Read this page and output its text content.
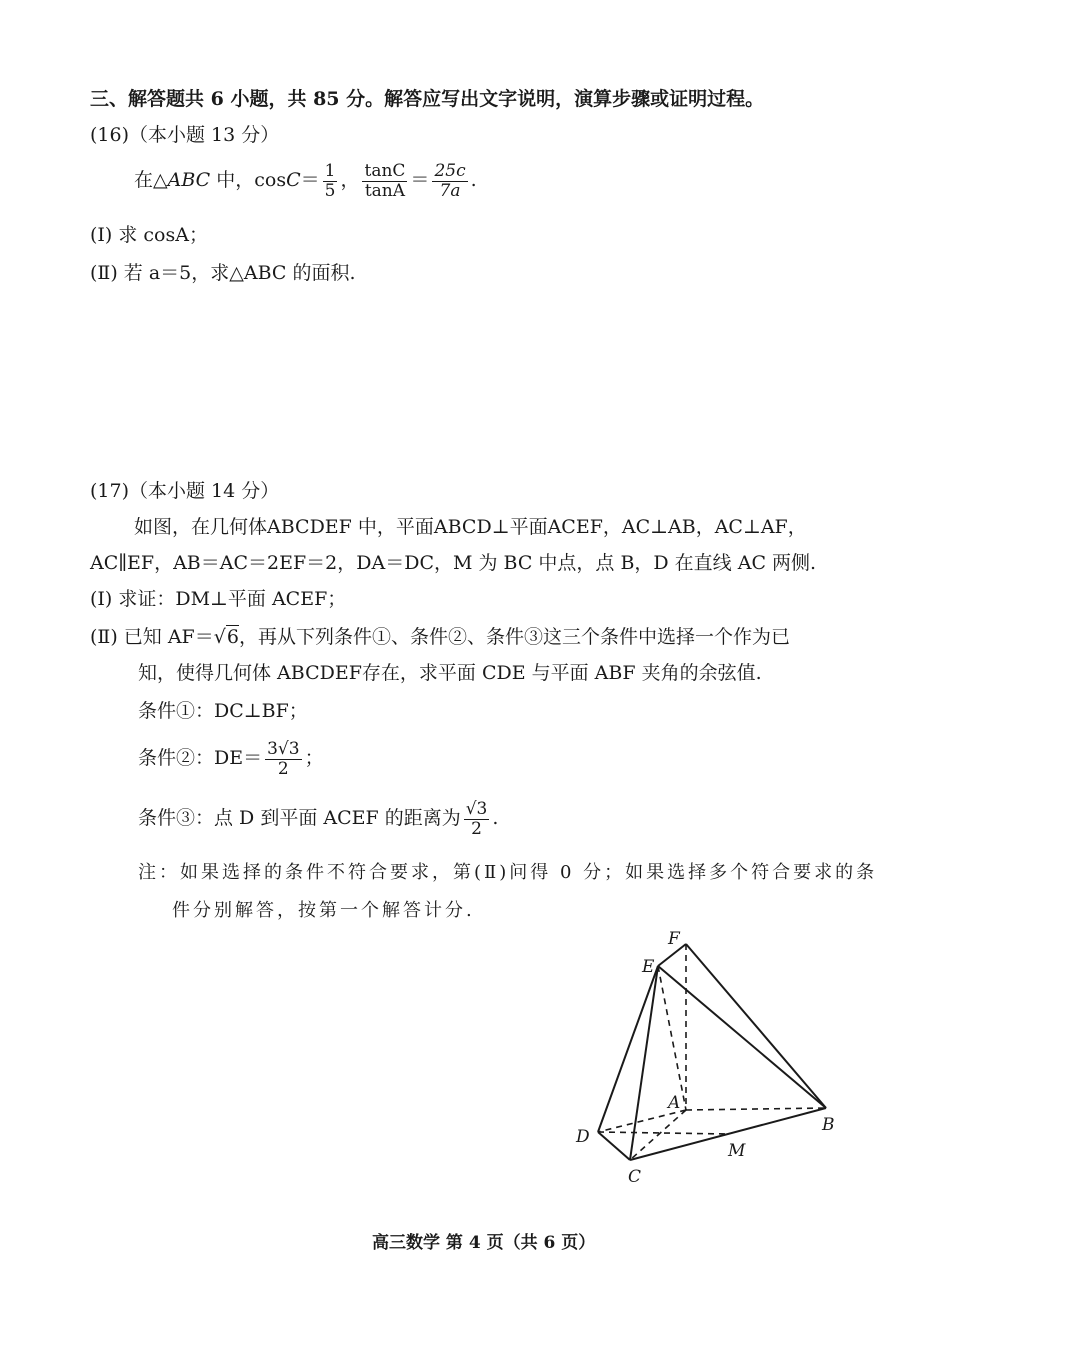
三、解答题共 6 小题，共 85 分。解答应写出文字说明，演算步骤或证明过程。
(16)（本小题 13 分）
在△ABC 中，$\cos C= \frac{1}{5}$ ， $\frac{\tan C}{\tan A} = \frac{25c}{7a}$ .
(Ⅰ) 求 cosA；
(Ⅱ) 若 a＝5，求△ABC 的面积.
(17)（本小题 14 分）
如图，在几何体ABCDEF 中，平面ABCD⊥平面ACEF，AC⊥AB，AC⊥AF，
AC∥EF，AB＝AC＝2EF＝2，DA＝DC，M 为 BC 中点，点 B，D 在直线 AC 两侧.
(Ⅰ) 求证：DM⊥平面 ACEF；
(Ⅱ) 已知 AF＝√6，再从下列条件①、条件②、条件③这三个条件中选择一个作为已
知，使得几何体 ABCDEF存在，求平面 CDE 与平面 ABF 夹角的余弦值.
条件①：DC⊥BF；
条件②：$DE= \frac{3√3}{2}$ ；
条件③：点 D 到平面 ACEF 的距离为 $\frac{√3}{2}$ .
注：如果选择的条件不符合要求，第(Ⅱ)问得 0 分；如果选择多个符合要求的条
件分别解答，按第一个解答计分.
F
E
A
B
D
C
M
高三数学 第 4 页（共 6 页）
